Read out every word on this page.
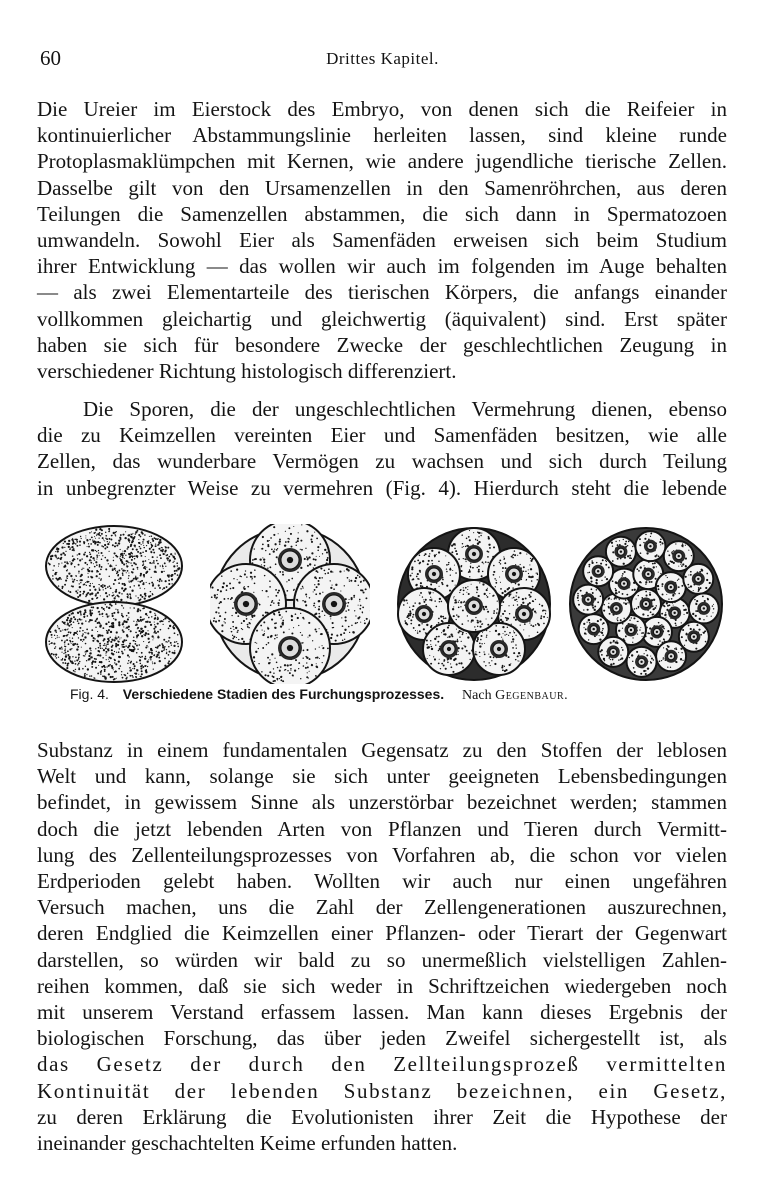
60	Drittes Kapitel.

Die Ureier im Eierstock des Embryo, von denen sich die Reifeier in
kontinuierlicher Abstammungslinie herleiten lassen, sind kleine runde
Protoplasmaklümpchen mit Kernen, wie andere jugendliche tierische Zellen.
Dasselbe gilt von den Ursamenzellen in den Samenröhrchen, aus deren
Teilungen die Samenzellen abstammen, die sich dann in Spermatozoen
umwandeln. Sowohl Eier als Samenfäden erweisen sich beim Studium
ihrer Entwicklung — das wollen wir auch im folgenden im Auge behalten
— als zwei Elementarteile des tierischen Körpers, die anfangs einander
vollkommen gleichartig und gleichwertig (äquivalent) sind. Erst später
haben sie sich für besondere Zwecke der geschlechtlichen Zeugung in
verschiedener Richtung histologisch differenziert.

Die Sporen, die der ungeschlechtlichen Vermehrung dienen, ebenso
die zu Keimzellen vereinten Eier und Samenfäden besitzen, wie alle
Zellen, das wunderbare Vermögen zu wachsen und sich durch Teilung
in unbegrenzter Weise zu vermehren (Fig. 4). Hierdurch steht die lebende

Fig. 4. Verschiedene Stadien des Furchungsprozesses. Nach Gegenbaur.

Substanz in einem fundamentalen Gegensatz zu den Stoffen der leblosen
Welt und kann, solange sie sich unter geeigneten Lebensbedingungen
befindet, in gewissem Sinne als unzerstörbar bezeichnet werden; stammen
doch die jetzt lebenden Arten von Pflanzen und Tieren durch Vermitt-
lung des Zellenteilungsprozesses von Vorfahren ab, die schon vor vielen
Erdperioden gelebt haben. Wollten wir auch nur einen ungefähren
Versuch machen, uns die Zahl der Zellengenerationen auszurechnen,
deren Endglied die Keimzellen einer Pflanzen- oder Tierart der Gegenwart
darstellen, so würden wir bald zu so unermeßlich vielstelligen Zahlen-
reihen kommen, daß sie sich weder in Schriftzeichen wiedergeben noch
mit unserem Verstand erfassem lassen. Man kann dieses Ergebnis der
biologischen Forschung, das über jeden Zweifel sichergestellt ist, als
das Gesetz der durch den Zellteilungsprozeß vermittelten
Kontinuität der lebenden Substanz bezeichnen, ein Gesetz,
zu deren Erklärung die Evolutionisten ihrer Zeit die Hypothese der
ineinander geschachtelten Keime erfunden hatten.
